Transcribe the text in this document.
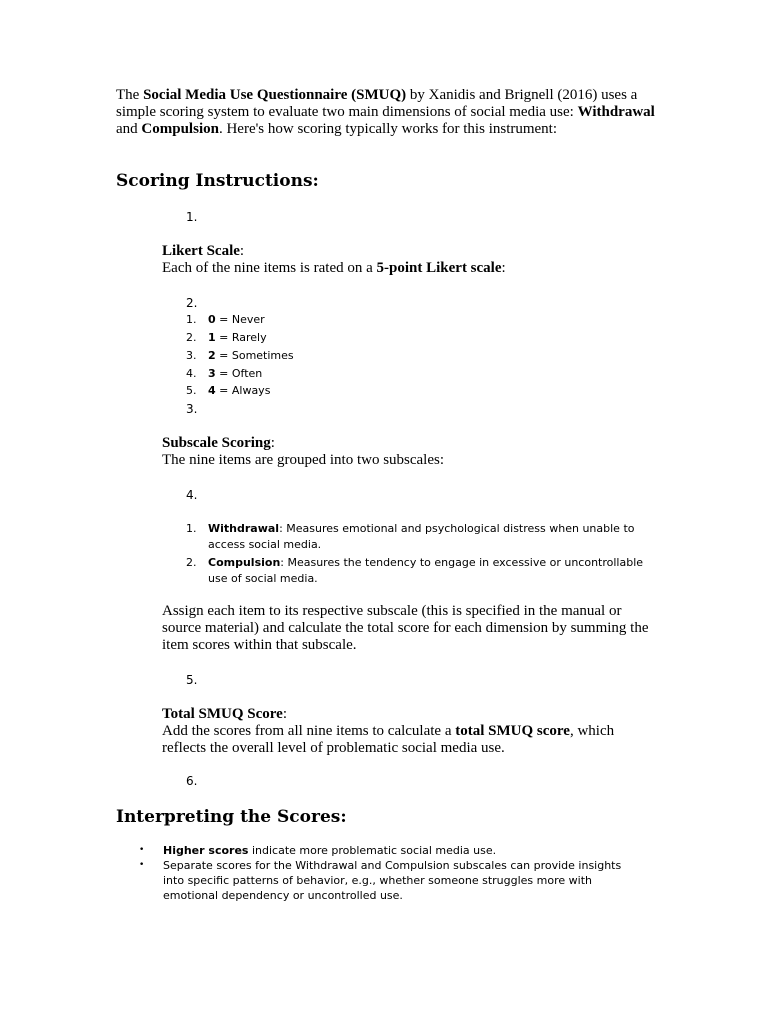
The Social Media Use Questionnaire (SMUQ) by Xanidis and Brignell (2016) uses a simple scoring system to evaluate two main dimensions of social media use: Withdrawal and Compulsion. Here's how scoring typically works for this instrument:

Scoring Instructions:
1.
Likert Scale:
Each of the nine items is rated on a 5-point Likert scale:
2.
1.	0 = Never
2.	1 = Rarely
3.	2 = Sometimes
4.	3 = Often
5.	4 = Always
3.
Subscale Scoring:
The nine items are grouped into two subscales:
4.
1.	Withdrawal: Measures emotional and psychological distress when unable to access social media.
2.	Compulsion: Measures the tendency to engage in excessive or uncontrollable use of social media.
Assign each item to its respective subscale (this is specified in the manual or source material) and calculate the total score for each dimension by summing the item scores within that subscale.
5.
Total SMUQ Score:
Add the scores from all nine items to calculate a total SMUQ score, which reflects the overall level of problematic social media use.
6.
Interpreting the Scores:
•	Higher scores indicate more problematic social media use.
•	Separate scores for the Withdrawal and Compulsion subscales can provide insights into specific patterns of behavior, e.g., whether someone struggles more with emotional dependency or uncontrolled use.
